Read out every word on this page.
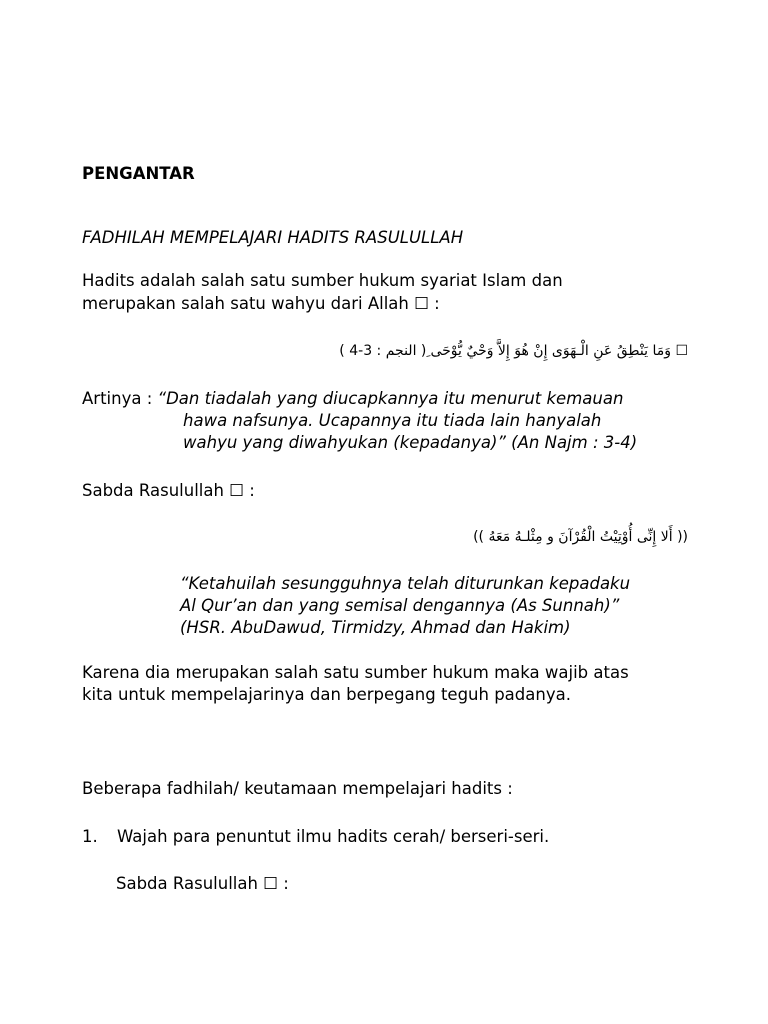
PENGANTAR
FADHILAH MEMPELAJARI HADITS RASULULLAH
Hadits adalah salah satu sumber hukum syariat Islam dan
merupakan salah satu wahyu dari Allah ☐ :
☐ وَمَا يَنْطِقُ عَنِ الْـهَوَى إِنْ هُوَ إِلاَّ وَحْيٌ يُّوْحَى ِ( النجم : 3-4 )
Artinya : “Dan tiadalah yang diucapkannya itu menurut kemauan
hawa nafsunya. Ucapannya itu tiada lain hanyalah
wahyu yang diwahyukan (kepadanya)” (An Najm : 3-4)
Sabda Rasulullah ☐ :
(( أَلا إِنِّى أُوْتِيْتُ الْقُرْآنَ و مِثْلـهُ مَعَهُ ))
“Ketahuilah sesungguhnya telah diturunkan kepadaku
Al Qur’an dan yang semisal dengannya (As Sunnah)”
(HSR. AbuDawud, Tirmidzy, Ahmad dan Hakim)
Karena dia merupakan salah satu sumber hukum maka wajib atas
kita untuk mempelajarinya dan berpegang teguh padanya.
Beberapa fadhilah/ keutamaan mempelajari hadits :
1. Wajah para penuntut ilmu hadits cerah/ berseri-seri.
Sabda Rasulullah ☐ :
